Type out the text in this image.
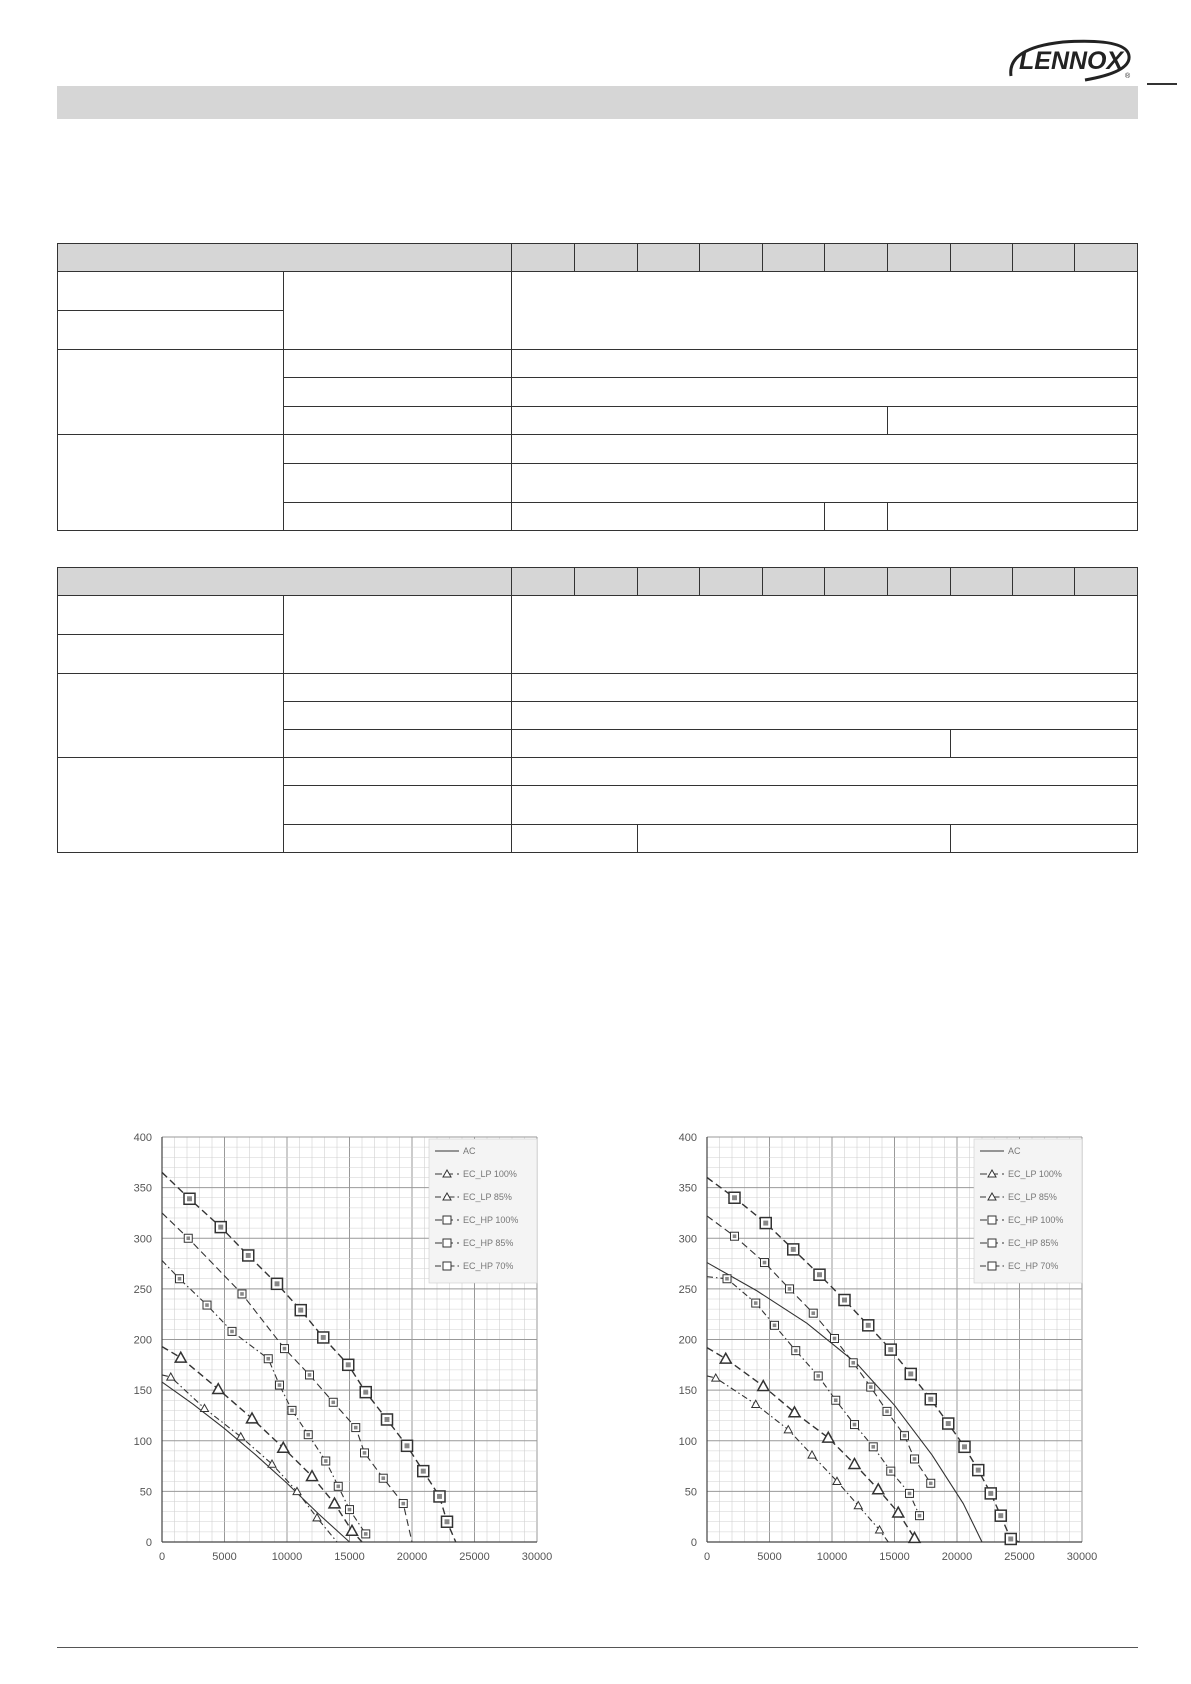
LENNOX
®

0	5000	10000	15000	20000	25000	30000
0
50
100
150
200
250
300
350
400
AC
EC_LP 100%
EC_LP 85%
EC_HP 100%
EC_HP 85%
EC_HP 70%
0	5000	10000	15000	20000	25000	30000
0
50
100
150
200
250
300
350
400
AC
EC_LP 100%
EC_LP 85%
EC_HP 100%
EC_HP 85%
EC_HP 70%
